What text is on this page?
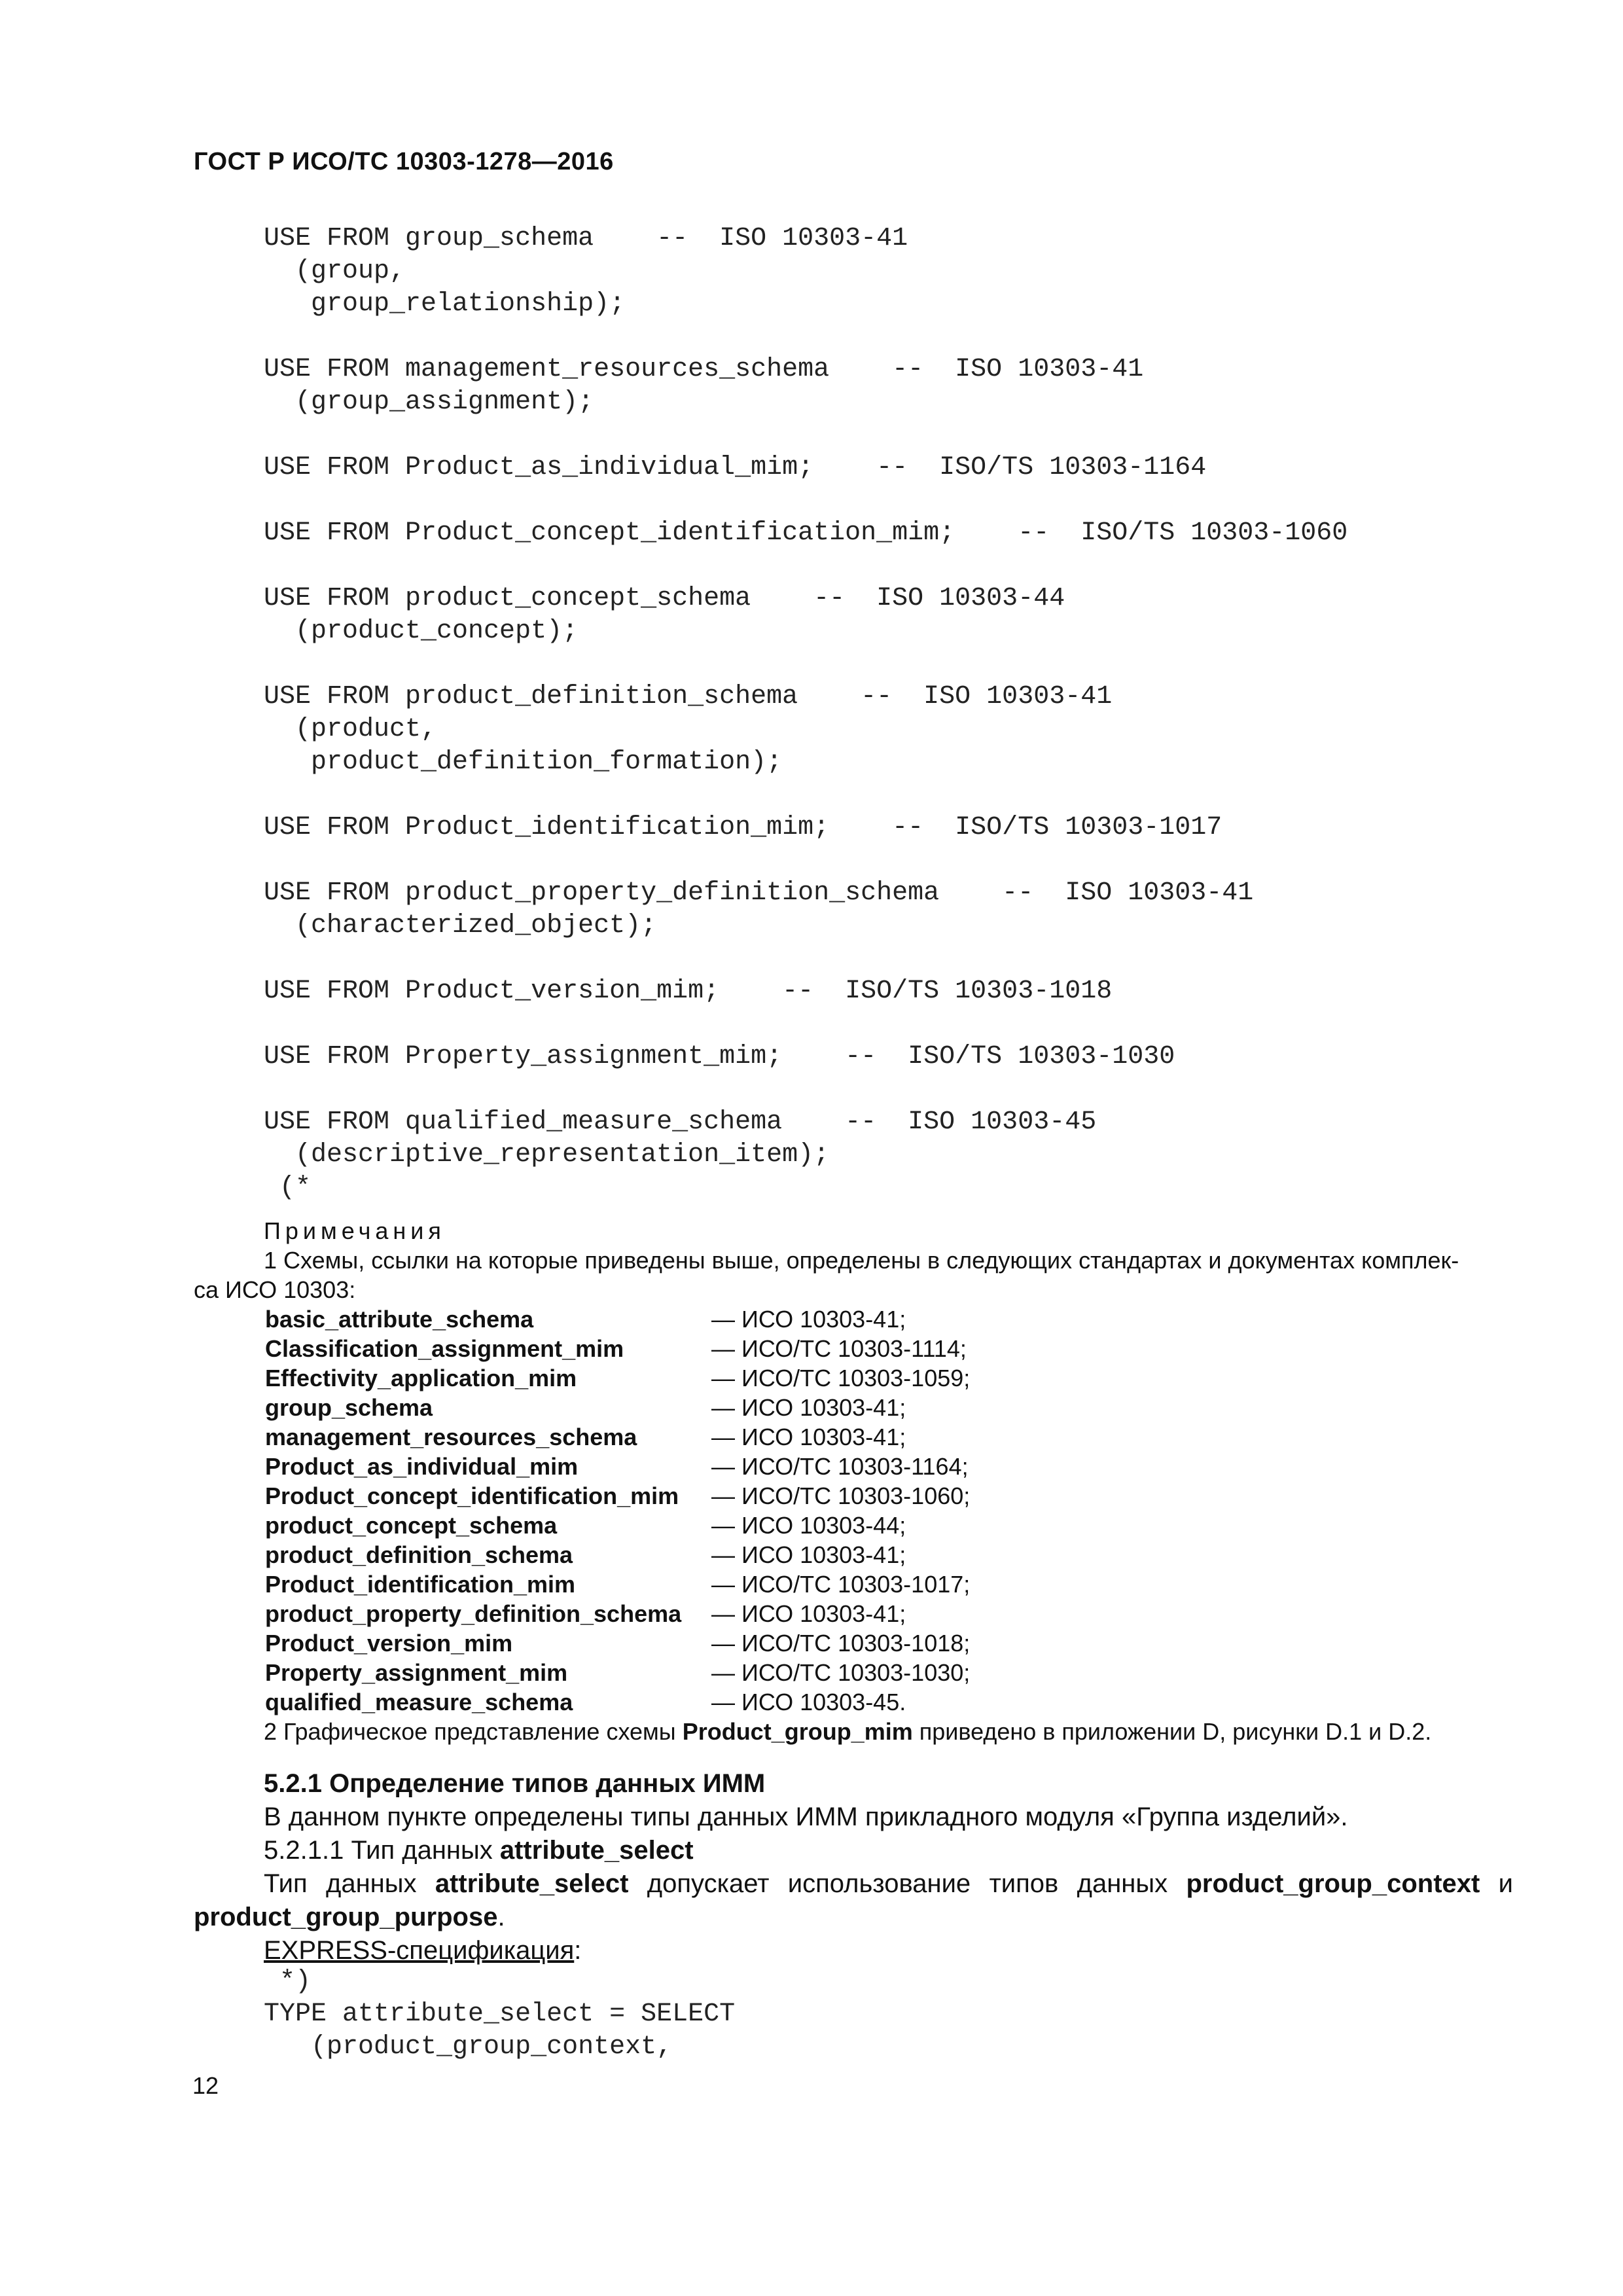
ГОСТ Р ИСО/ТС 10303-1278—2016
USE FROM group_schema    --  ISO 10303-41
(group,
group_relationship);
USE FROM management_resources_schema    --  ISO 10303-41
(group_assignment);
USE FROM Product_as_individual_mim;    --  ISO/TS 10303-1164
USE FROM Product_concept_identification_mim;    --  ISO/TS 10303-1060
USE FROM product_concept_schema    --  ISO 10303-44
(product_concept);
USE FROM product_definition_schema    --  ISO 10303-41
(product,
product_definition_formation);
USE FROM Product_identification_mim;    --  ISO/TS 10303-1017
USE FROM product_property_definition_schema    --  ISO 10303-41
(characterized_object);
USE FROM Product_version_mim;    --  ISO/TS 10303-1018
USE FROM Property_assignment_mim;    --  ISO/TS 10303-1030
USE FROM qualified_measure_schema    --  ISO 10303-45
(descriptive_representation_item);
(*
Примечания
1 Схемы, ссылки на которые приведены выше, определены в следующих стандартах и документах комплек-
са ИСО 10303:
basic_attribute_schema	— ИСО 10303-41;
Classification_assignment_mim	— ИСО/ТС 10303-1114;
Effectivity_application_mim	— ИСО/ТС 10303-1059;
group_schema	— ИСО 10303-41;
management_resources_schema	— ИСО 10303-41;
Product_as_individual_mim	— ИСО/ТС 10303-1164;
Product_concept_identification_mim	— ИСО/ТС 10303-1060;
product_concept_schema	— ИСО 10303-44;
product_definition_schema	— ИСО 10303-41;
Product_identification_mim	— ИСО/ТС 10303-1017;
product_property_definition_schema	— ИСО 10303-41;
Product_version_mim	— ИСО/ТС 10303-1018;
Property_assignment_mim	— ИСО/ТС 10303-1030;
qualified_measure_schema	— ИСО 10303-45.
2 Графическое представление схемы Product_group_mim приведено в приложении D, рисунки D.1 и D.2.
5.2.1 Определение типов данных ИММ
В данном пункте определены типы данных ИММ прикладного модуля «Группа изделий».
5.2.1.1 Тип данных attribute_select
Тип данных attribute_select допускает использование типов данных product_group_context и
product_group_purpose.
EXPRESS-спецификация:
*)
TYPE attribute_select = SELECT
(product_group_context,
12
